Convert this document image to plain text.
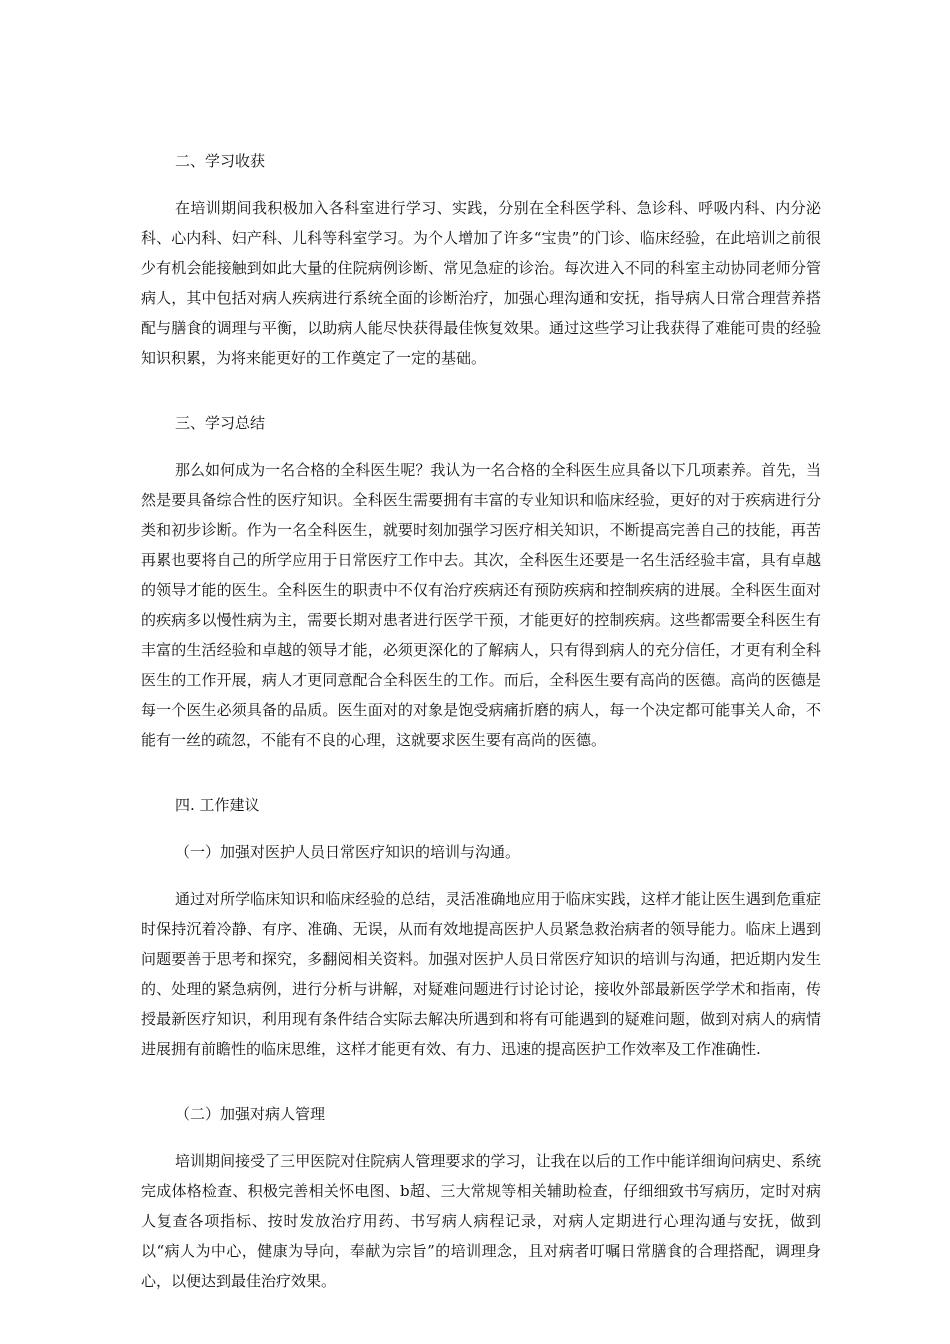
二、学习收获

在培训期间我积极加入各科室进行学习、实践，分别在全科医学科、急诊科、呼吸内科、内分泌科、心内科、妇产科、儿科等科室学习。为个人增加了许多“宝贵”的门诊、临床经验，在此培训之前很少有机会能接触到如此大量的住院病例诊断、常见急症的诊治。每次进入不同的科室主动协同老师分管病人，其中包括对病人疾病进行系统全面的诊断治疗，加强心理沟通和安抚，指导病人日常合理营养搭配与膳食的调理与平衡，以助病人能尽快获得最佳恢复效果。通过这些学习让我获得了难能可贵的经验知识积累，为将来能更好的工作奠定了一定的基础。

三、学习总结

那么如何成为一名合格的全科医生呢？我认为一名合格的全科医生应具备以下几项素养。首先，当然是要具备综合性的医疗知识。全科医生需要拥有丰富的专业知识和临床经验，更好的对于疾病进行分类和初步诊断。作为一名全科医生，就要时刻加强学习医疗相关知识，不断提高完善自己的技能，再苦再累也要将自己的所学应用于日常医疗工作中去。其次，全科医生还要是一名生活经验丰富，具有卓越的领导才能的医生。全科医生的职责中不仅有治疗疾病还有预防疾病和控制疾病的进展。全科医生面对的疾病多以慢性病为主，需要长期对患者进行医学干预，才能更好的控制疾病。这些都需要全科医生有丰富的生活经验和卓越的领导才能，必须更深化的了解病人，只有得到病人的充分信任，才更有利全科医生的工作开展，病人才更同意配合全科医生的工作。而后，全科医生要有高尚的医德。高尚的医德是每一个医生必须具备的品质。医生面对的对象是饱受病痛折磨的病人，每一个决定都可能事关人命，不能有一丝的疏忽，不能有不良的心理，这就要求医生要有高尚的医德。

四. 工作建议

（一）加强对医护人员日常医疗知识的培训与沟通。

通过对所学临床知识和临床经验的总结，灵活准确地应用于临床实践，这样才能让医生遇到危重症时保持沉着冷静、有序、准确、无误，从而有效地提高医护人员紧急救治病者的领导能力。临床上遇到问题要善于思考和探究，多翻阅相关资料。加强对医护人员日常医疗知识的培训与沟通，把近期内发生的、处理的紧急病例，进行分析与讲解，对疑难问题进行讨论讨论，接收外部最新医学学术和指南，传授最新医疗知识，利用现有条件结合实际去解决所遇到和将有可能遇到的疑难问题，做到对病人的病情进展拥有前瞻性的临床思维，这样才能更有效、有力、迅速的提高医护工作效率及工作准确性.

（二）加强对病人管理

培训期间接受了三甲医院对住院病人管理要求的学习，让我在以后的工作中能详细询问病史、系统完成体格检查、积极完善相关怀电图、b超、三大常规等相关辅助检查，仔细细致书写病历，定时对病人复查各项指标、按时发放治疗用药、书写病人病程记录，对病人定期进行心理沟通与安抚，做到以“病人为中心，健康为导向，奉献为宗旨”的培训理念，且对病者叮嘱日常膳食的合理搭配，调理身心，以便达到最佳治疗效果。
